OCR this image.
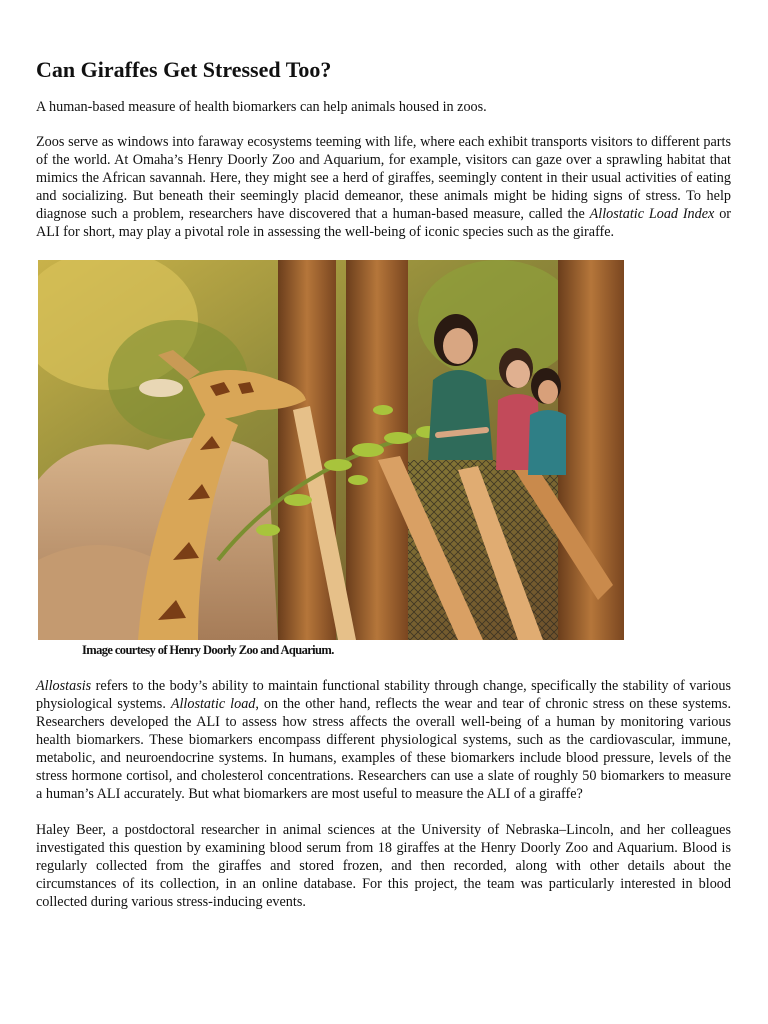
Can Giraffes Get Stressed Too?

A human-based measure of health biomarkers can help animals housed in zoos.

Zoos serve as windows into faraway ecosystems teeming with life, where each exhibit transports visitors to different parts of the world. At Omaha’s Henry Doorly Zoo and Aquarium, for example, visitors can gaze over a sprawling habitat that mimics the African savannah. Here, they might see a herd of giraffes, seemingly content in their usual activities of eating and socializing. But beneath their seemingly placid demeanor, these animals might be hiding signs of stress. To help diagnose such a problem, researchers have discovered that a human-based measure, called the Allostatic Load Index or ALI for short, may play a pivotal role in assessing the well-being of iconic species such as the giraffe.

Image courtesy of Henry Doorly Zoo and Aquarium.

Allostasis refers to the body’s ability to maintain functional stability through change, specifically the stability of various physiological systems. Allostatic load, on the other hand, reflects the wear and tear of chronic stress on these systems. Researchers developed the ALI to assess how stress affects the overall well-being of a human by monitoring various health biomarkers. These biomarkers encompass different physiological systems, such as the cardiovascular, immune, metabolic, and neuroendocrine systems. In humans, examples of these biomarkers include blood pressure, levels of the stress hormone cortisol, and cholesterol concentrations. Researchers can use a slate of roughly 50 biomarkers to measure a human’s ALI accurately. But what biomarkers are most useful to measure the ALI of a giraffe?

Haley Beer, a postdoctoral researcher in animal sciences at the University of Nebraska–Lincoln, and her colleagues investigated this question by examining blood serum from 18 giraffes at the Henry Doorly Zoo and Aquarium. Blood is regularly collected from the giraffes and stored frozen, and then recorded, along with other details about the circumstances of its collection, in an online database. For this project, the team was particularly interested in blood collected during various stress-inducing events.
